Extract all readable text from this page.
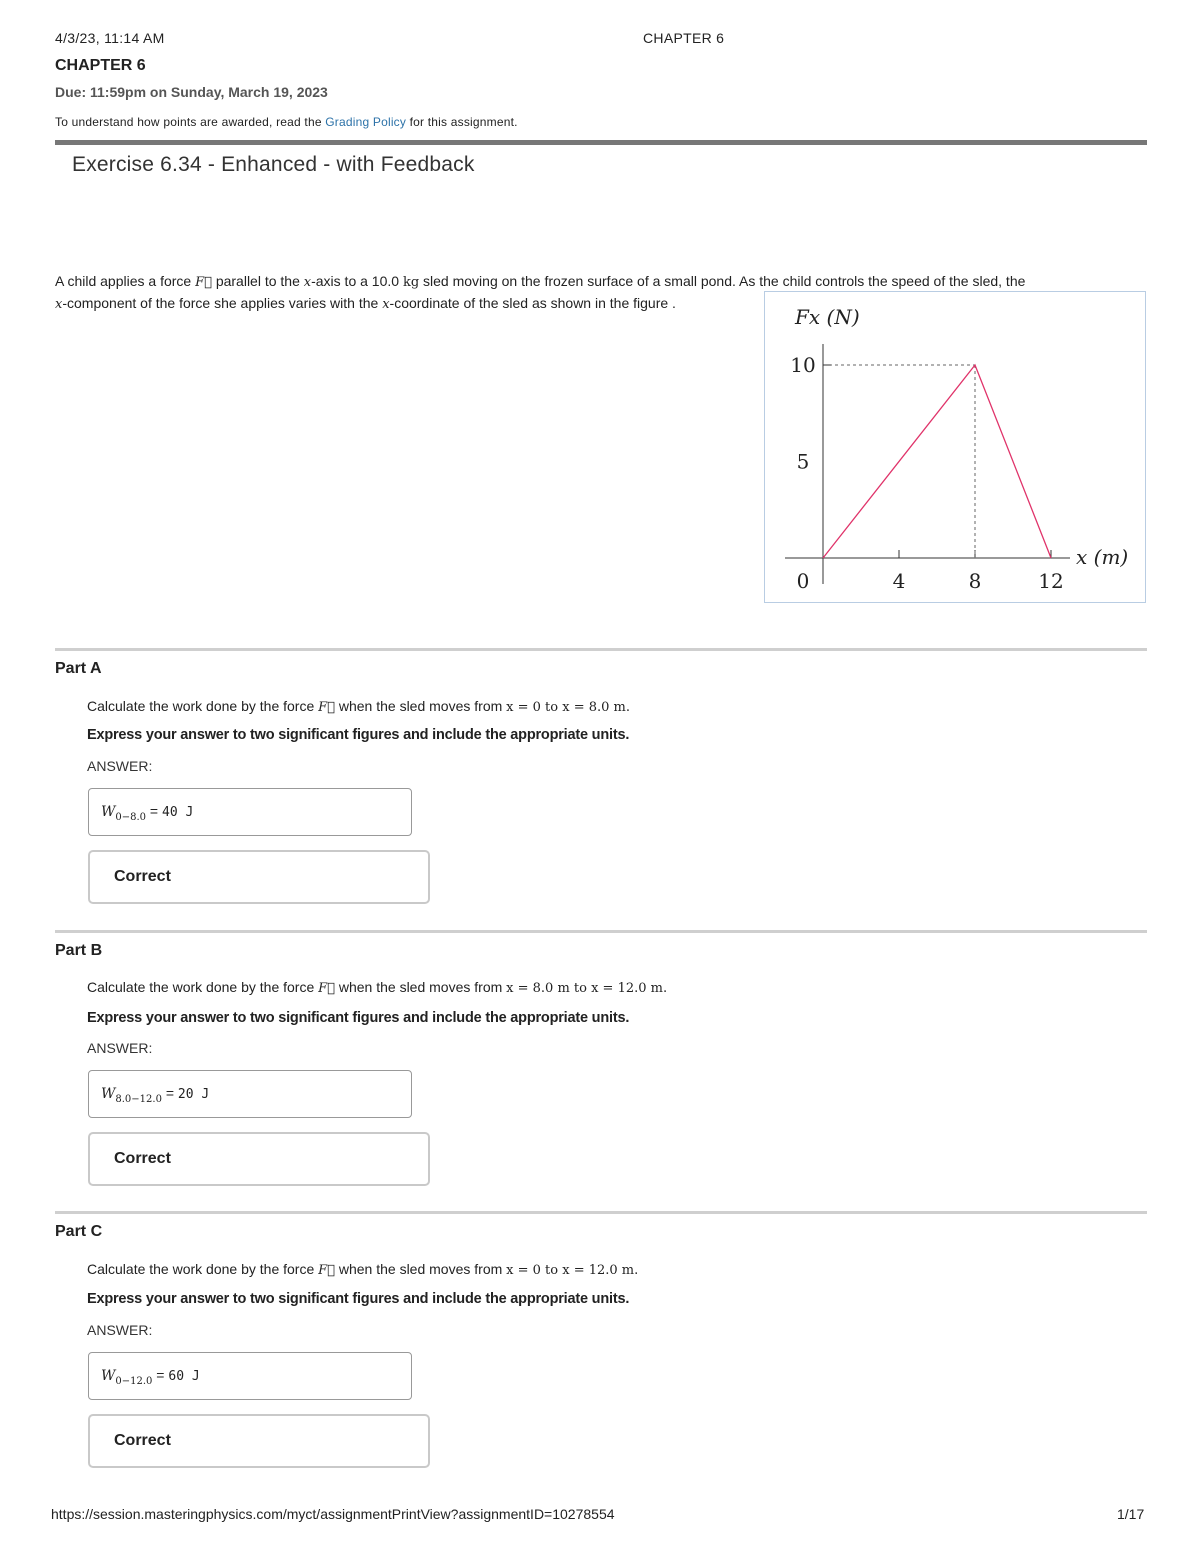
4/3/23, 11:14 AM	CHAPTER 6
CHAPTER 6
Due: 11:59pm on Sunday, March 19, 2023
To understand how points are awarded, read the Grading Policy for this assignment.
Exercise 6.34 - Enhanced - with Feedback
A child applies a force F⃗ parallel to the x-axis to a 10.0 kg sled moving on the frozen surface of a small pond. As the child controls the speed of the sled, the
x-component of the force she applies varies with the x-coordinate of the sled as shown in the figure .
Fx (N)
x (m)
0	4	8	12
5
10
Part A
Calculate the work done by the force F⃗ when the sled moves from x = 0 to x = 8.0 m.
Express your answer to two significant figures and include the appropriate units.
ANSWER:
$W_{0-8.0} = 40$ J
Correct
Part B
Calculate the work done by the force F⃗ when the sled moves from x = 8.0 m to x = 12.0 m.
Express your answer to two significant figures and include the appropriate units.
ANSWER:
$W_{8.0-12.0} = 20$ J
Correct
Part C
Calculate the work done by the force F⃗ when the sled moves from x = 0 to x = 12.0 m.
Express your answer to two significant figures and include the appropriate units.
ANSWER:
$W_{0-12.0} = 60$ J
Correct
https://session.masteringphysics.com/myct/assignmentPrintView?assignmentID=10278554	1/17
